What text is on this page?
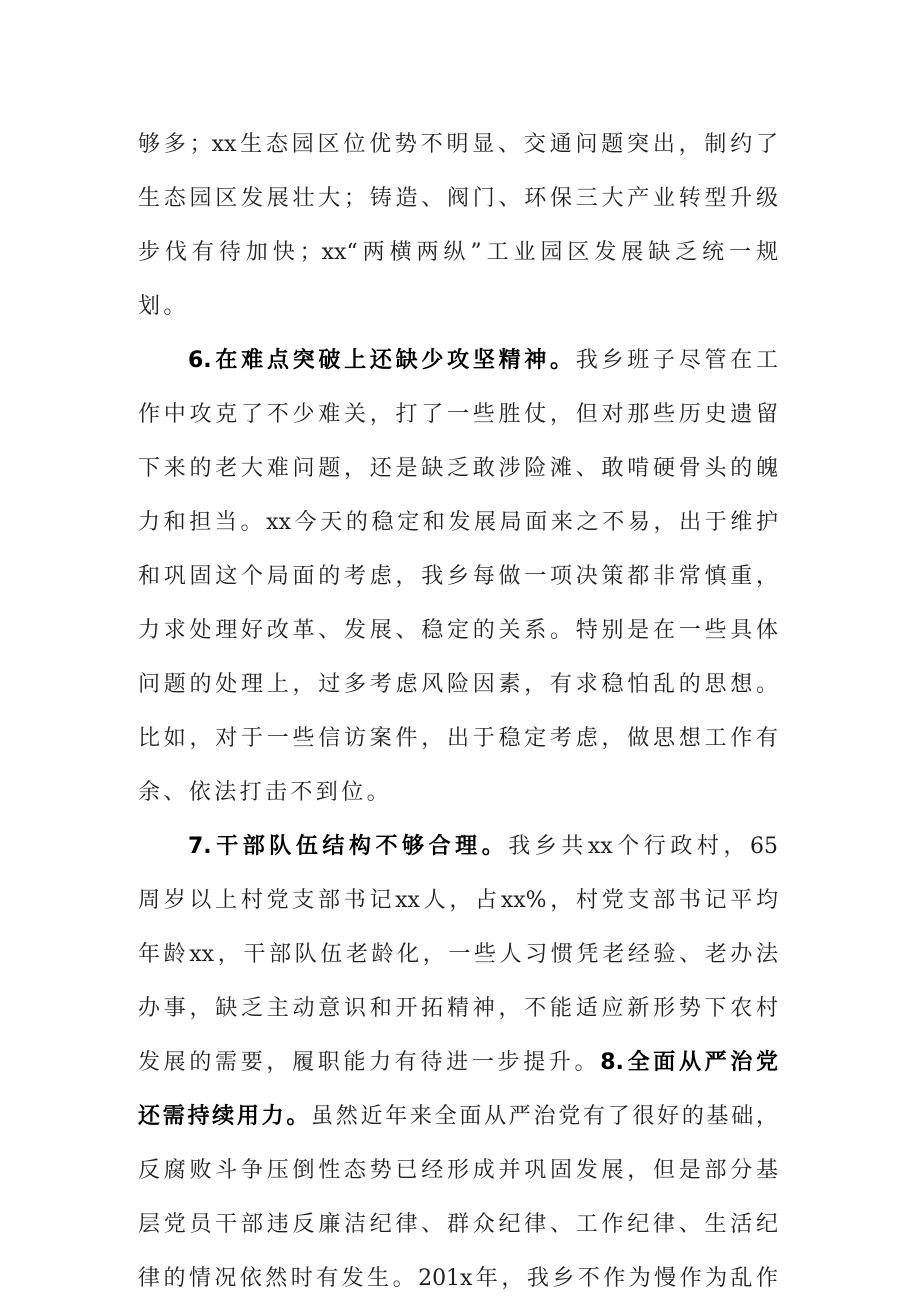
够多；xx生态园区位优势不明显、交通问题突出，制约了
生态园区发展壮大；铸造、阀门、环保三大产业转型升级
步伐有待加快；xx“两横两纵”工业园区发展缺乏统一规
划。
6.在难点突破上还缺少攻坚精神。我乡班子尽管在工
作中攻克了不少难关，打了一些胜仗，但对那些历史遗留
下来的老大难问题，还是缺乏敢涉险滩、敢啃硬骨头的魄
力和担当。xx今天的稳定和发展局面来之不易，出于维护
和巩固这个局面的考虑，我乡每做一项决策都非常慎重，
力求处理好改革、发展、稳定的关系。特别是在一些具体
问题的处理上，过多考虑风险因素，有求稳怕乱的思想。
比如，对于一些信访案件，出于稳定考虑，做思想工作有
余、依法打击不到位。
7.干部队伍结构不够合理。我乡共xx个行政村，65
周岁以上村党支部书记xx人，占xx%，村党支部书记平均
年龄xx，干部队伍老龄化，一些人习惯凭老经验、老办法
办事，缺乏主动意识和开拓精神，不能适应新形势下农村
发展的需要，履职能力有待进一步提升。8.全面从严治党
还需持续用力。虽然近年来全面从严治党有了很好的基础，
反腐败斗争压倒性态势已经形成并巩固发展，但是部分基
层党员干部违反廉洁纪律、群众纪律、工作纪律、生活纪
律的情况依然时有发生。201x年，我乡不作为慢作为乱作
